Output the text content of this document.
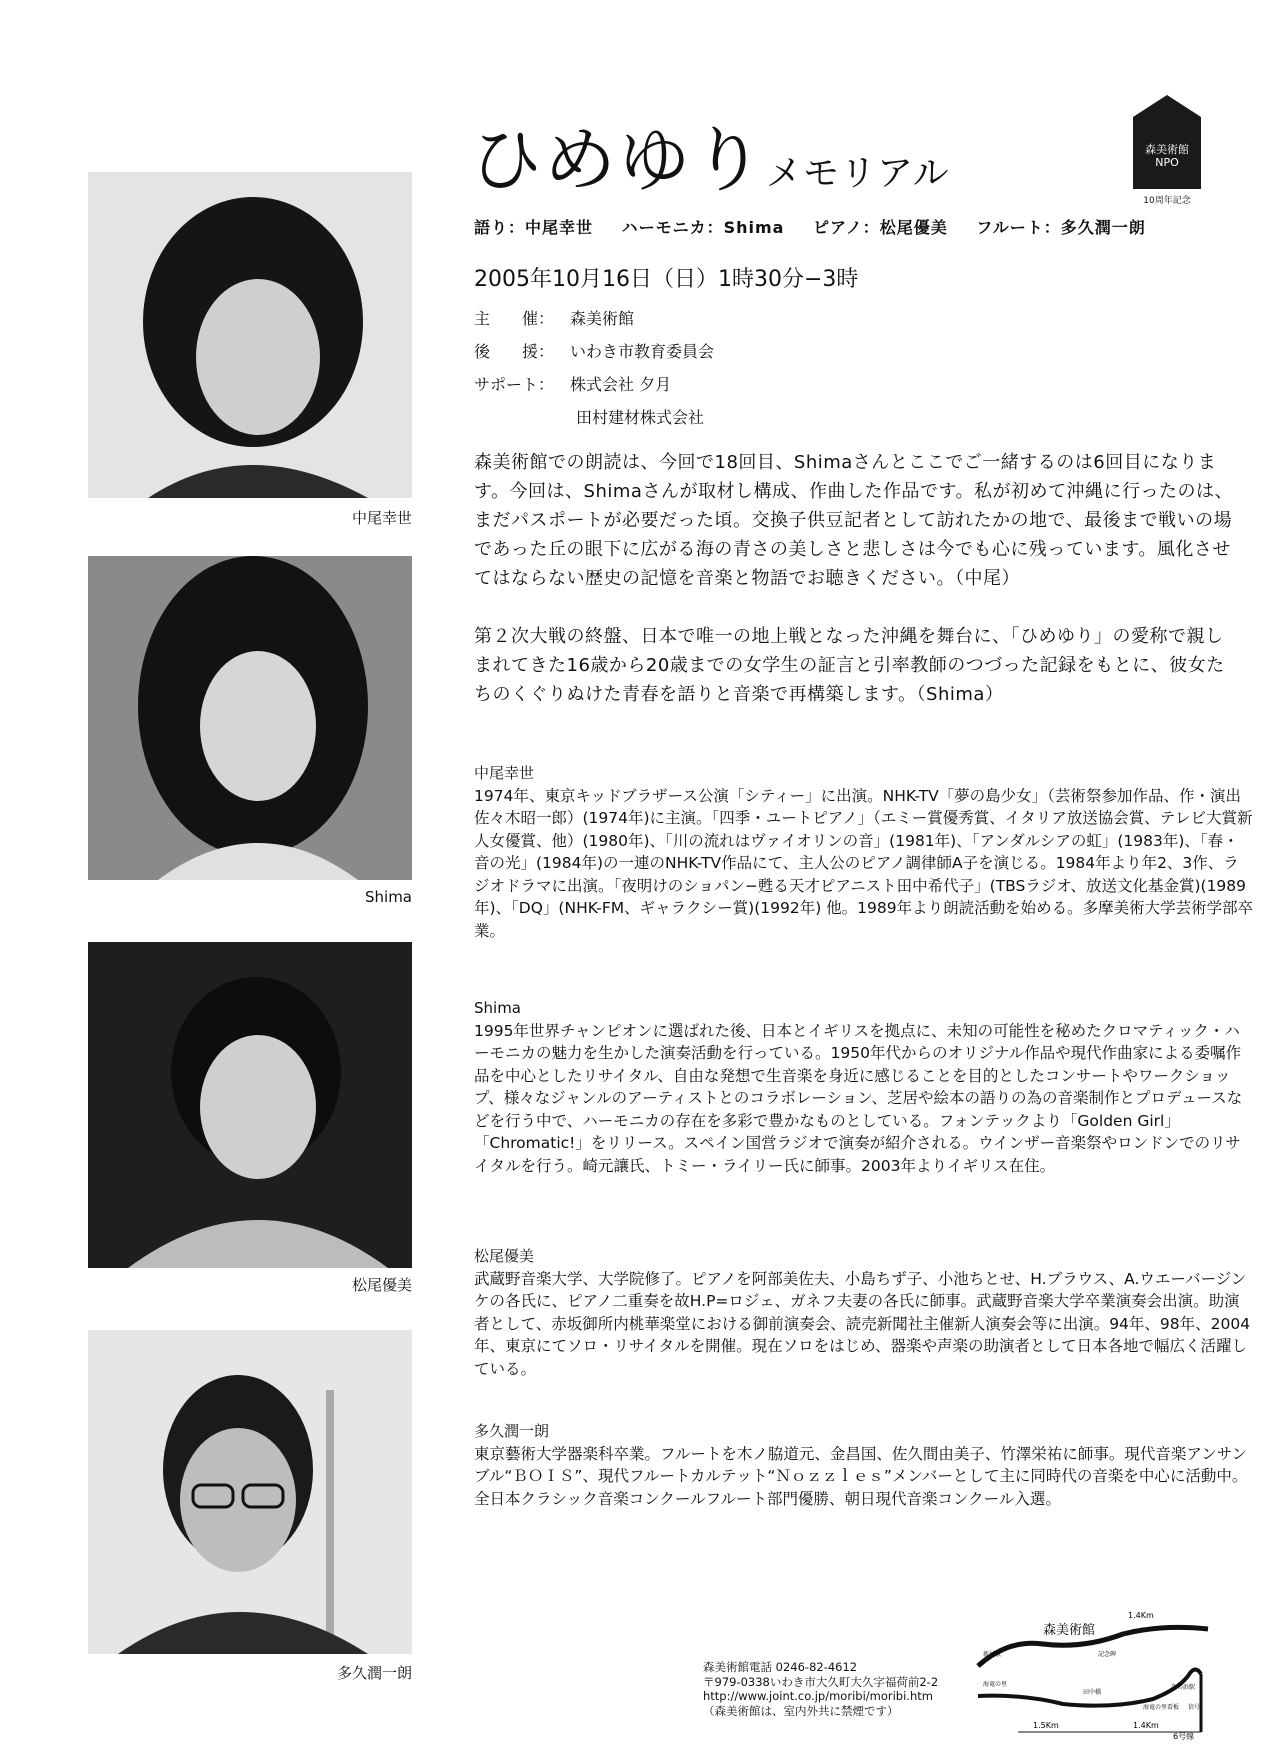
森美術館
NPO
10周年記念
ひめゆりメモリアル
語り：中尾幸世 ハーモニカ：Shima ピアノ：松尾優美 フルート：多久潤一朗
2005年10月16日（日）1時30分−3時
主　　催： 森美術館
後　　援： いわき市教育委員会
サポート： 株式会社 夕月
田村建材株式会社
森美術館での朗読は、今回で18回目、Shimaさんとここでご一緒するのは6回目になります。今回は、Shimaさんが取材し構成、作曲した作品です。私が初めて沖縄に行ったのは、まだパスポートが必要だった頃。交換子供豆記者として訪れたかの地で、最後まで戦いの場であった丘の眼下に広がる海の青さの美しさと悲しさは今でも心に残っています。風化させてはならない歴史の記憶を音楽と物語でお聴きください。（中尾）
第２次大戦の終盤、日本で唯一の地上戦となった沖縄を舞台に、「ひめゆり」の愛称で親しまれてきた16歳から20歳までの女学生の証言と引率教師のつづった記録をもとに、彼女たちのくぐりぬけた青春を語りと音楽で再構築します。（Shima）
中尾幸世
1974年、東京キッドブラザース公演「シティー」に出演。NHK-TV「夢の島少女」（芸術祭参加作品、作・演出佐々木昭一郎）(1974年)に主演。「四季・ユートピアノ」（エミー賞優秀賞、イタリア放送協会賞、テレビ大賞新人女優賞、他）(1980年)、「川の流れはヴァイオリンの音」(1981年)、「アンダルシアの虹」(1983年)、「春・音の光」(1984年)の一連のNHK-TV作品にて、主人公のピアノ調律師A子を演じる。1984年より年2、3作、ラジオドラマに出演。「夜明けのショパン−甦る天才ピアニスト田中希代子」(TBSラジオ、放送文化基金賞)(1989年)、「DQ」(NHK-FM、ギャラクシー賞)(1992年) 他。1989年より朗読活動を始める。多摩美術大学芸術学部卒業。
Shima
1995年世界チャンピオンに選ばれた後、日本とイギリスを拠点に、未知の可能性を秘めたクロマティック・ハーモニカの魅力を生かした演奏活動を行っている。1950年代からのオリジナル作品や現代作曲家による委嘱作品を中心としたリサイタル、自由な発想で生音楽を身近に感じることを目的としたコンサートやワークショップ、様々なジャンルのアーティストとのコラボレーション、芝居や絵本の語りの為の音楽制作とプロデュースなどを行う中で、ハーモニカの存在を多彩で豊かなものとしている。フォンテックより「Golden Girl」「Chromatic!」をリリース。スペイン国営ラジオで演奏が紹介される。ウインザー音楽祭やロンドンでのリサイタルを行う。崎元讓氏、トミー・ライリー氏に師事。2003年よりイギリス在住。
松尾優美
武蔵野音楽大学、大学院修了。ピアノを阿部美佐夫、小島ちず子、小池ちとせ、H.ブラウス、A.ウエーバージンケの各氏に、ピアノ二重奏を故H.P=ロジェ、ガネフ夫妻の各氏に師事。武蔵野音楽大学卒業演奏会出演。助演者として、赤坂御所内桃華楽堂における御前演奏会、読売新聞社主催新人演奏会等に出演。94年、98年、2004年、東京にてソロ・リサイタルを開催。現在ソロをはじめ、器楽や声楽の助演者として日本各地で幅広く活躍している。
多久潤一朗
東京藝術大学器楽科卒業。フルートを木ノ脇道元、金昌国、佐久間由美子、竹澤栄祐に師事。現代音楽アンサンブル“ＢＯＩＳ”、現代フルートカルテット“Ｎｏｚｚｌｅｓ”メンバーとして主に同時代の音楽を中心に活動中。全日本クラシック音楽コンクールフルート部門優勝、朝日現代音楽コンクール入選。
中尾幸世
Shima
松尾優美
多久潤一朗	森美術館電話 0246-82-4612
〒979-0338いわき市大久町大久字福荷前2-2
http://www.joint.co.jp/moribi/moribi.htm
（森美術館は、室内外共に禁煙です）
森美術館
1.4Km
1.5Km	1.4Km
6号線
新屋敷
海竜の里
記念碑
田中橋
海竜の里看板
久の浜駅
信号
